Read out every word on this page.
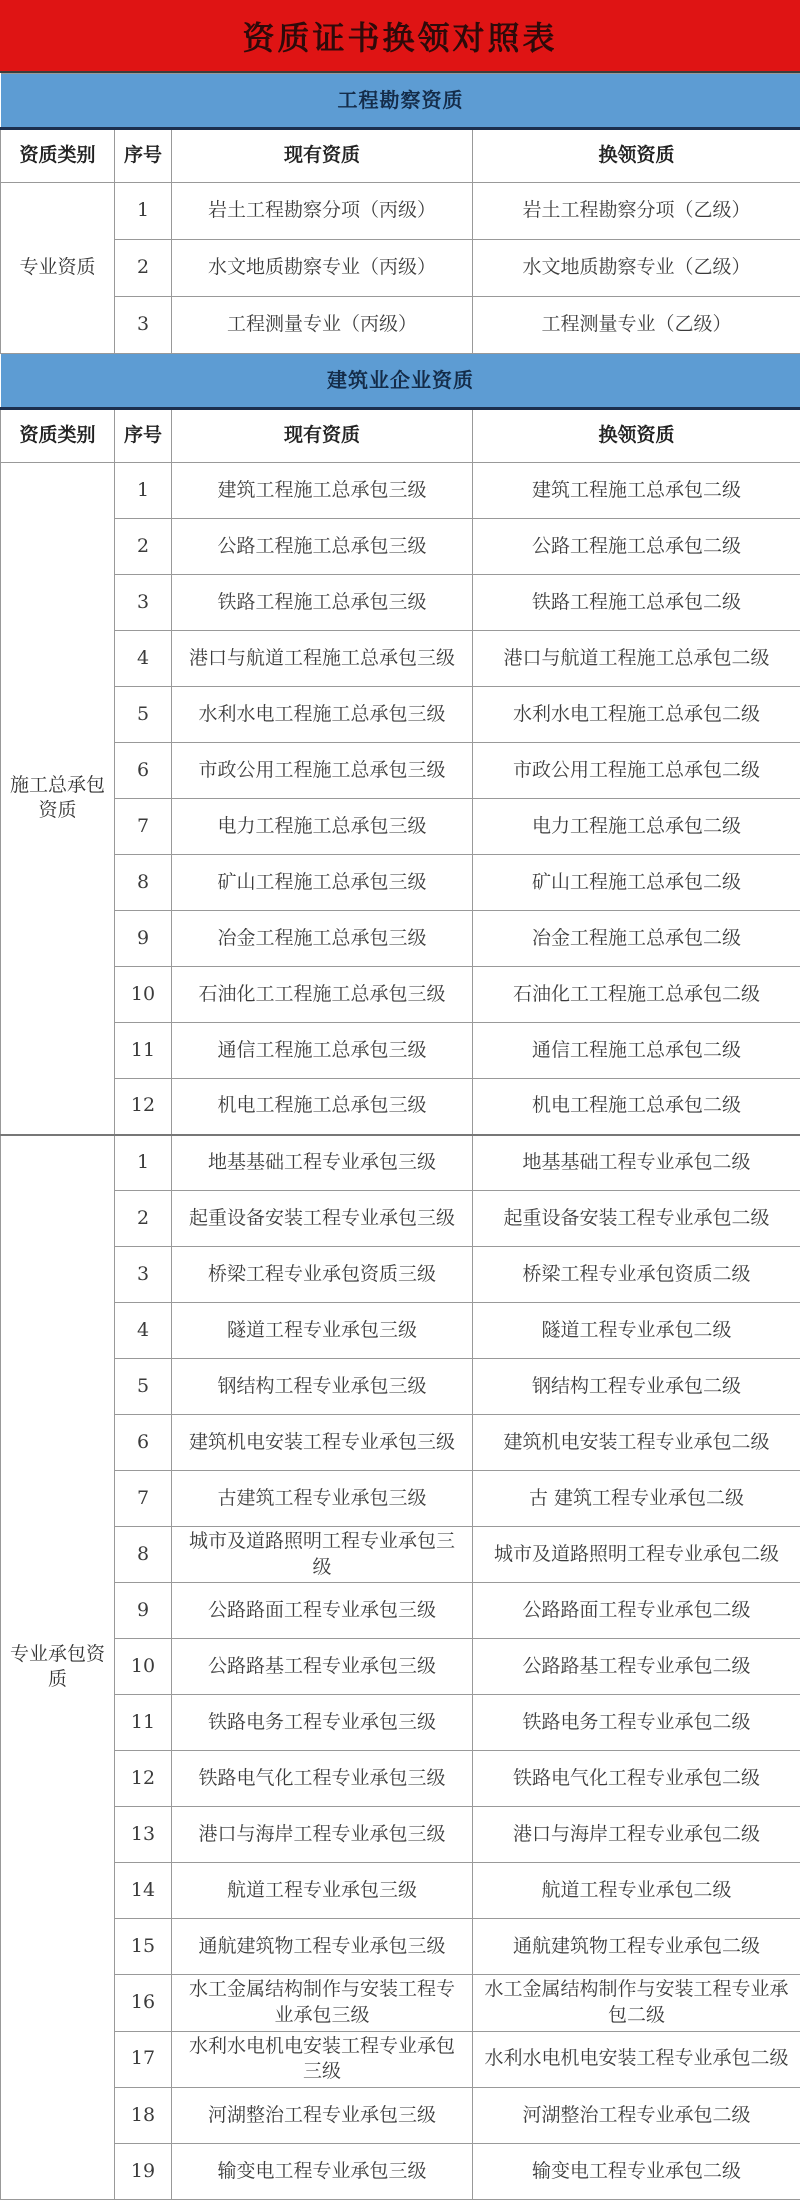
资质证书换领对照表
工程勘察资质			
资质类别	序号	现有资质	换领资质
专业资质	1	岩土工程勘察分项（丙级）	岩土工程勘察分项（乙级）
	2	水文地质勘察专业（丙级）	水文地质勘察专业（乙级）
	3	工程测量专业（丙级）	工程测量专业（乙级）
建筑业企业资质			
资质类别	序号	现有资质	换领资质
施工总承包资质	1	建筑工程施工总承包三级	建筑工程施工总承包二级
	2	公路工程施工总承包三级	公路工程施工总承包二级
	3	铁路工程施工总承包三级	铁路工程施工总承包二级
	4	港口与航道工程施工总承包三级	港口与航道工程施工总承包二级
	5	水利水电工程施工总承包三级	水利水电工程施工总承包二级
	6	市政公用工程施工总承包三级	市政公用工程施工总承包二级
	7	电力工程施工总承包三级	电力工程施工总承包二级
	8	矿山工程施工总承包三级	矿山工程施工总承包二级
	9	冶金工程施工总承包三级	冶金工程施工总承包二级
	10	石油化工工程施工总承包三级	石油化工工程施工总承包二级
	11	通信工程施工总承包三级	通信工程施工总承包二级
	12	机电工程施工总承包三级	机电工程施工总承包二级
专业承包资质	1	地基基础工程专业承包三级	地基基础工程专业承包二级
	2	起重设备安装工程专业承包三级	起重设备安装工程专业承包二级
	3	桥梁工程专业承包资质三级	桥梁工程专业承包资质二级
	4	隧道工程专业承包三级	隧道工程专业承包二级
	5	钢结构工程专业承包三级	钢结构工程专业承包二级
	6	建筑机电安装工程专业承包三级	建筑机电安装工程专业承包二级
	7	古建筑工程专业承包三级	古 建筑工程专业承包二级
	8	城市及道路照明工程专业承包三级	城市及道路照明工程专业承包二级
	9	公路路面工程专业承包三级	公路路面工程专业承包二级
	10	公路路基工程专业承包三级	公路路基工程专业承包二级
	11	铁路电务工程专业承包三级	铁路电务工程专业承包二级
	12	铁路电气化工程专业承包三级	铁路电气化工程专业承包二级
	13	港口与海岸工程专业承包三级	港口与海岸工程专业承包二级
	14	航道工程专业承包三级	航道工程专业承包二级
	15	通航建筑物工程专业承包三级	通航建筑物工程专业承包二级
	16	水工金属结构制作与安装工程专业承包三级	水工金属结构制作与安装工程专业承包二级
	17	水利水电机电安装工程专业承包三级	水利水电机电安装工程专业承包二级
	18	河湖整治工程专业承包三级	河湖整治工程专业承包二级
	19	输变电工程专业承包三级	输变电工程专业承包二级
